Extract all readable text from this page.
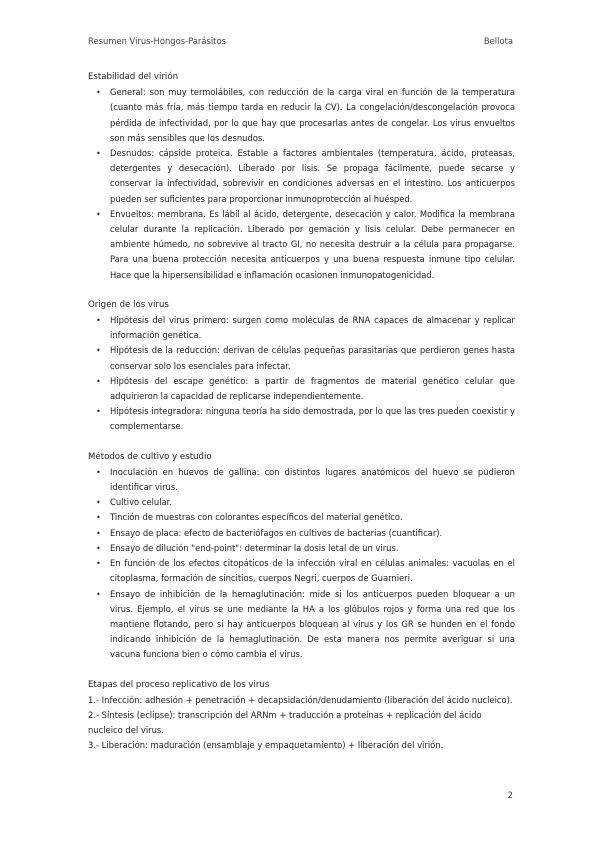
Resumen Virus-Hongos-Parásitos	Bellota
Estabilidad del virión
• General: son muy termolábiles, con reducción de la carga viral en función de la temperatura (cuanto más fría, más tiempo tarda en reducir la CV). La congelación/descongelación provoca pérdida de infectividad, por lo que hay que procesarlas antes de congelar. Los virus envueltos son más sensibles que los desnudos.
• Desnudos: cápside proteica. Estable a factores ambientales (temperatura, ácido, proteasas, detergentes y desecación). Liberado por lisis. Se propaga fácilmente, puede secarse y conservar la infectividad, sobrevivir en condiciones adversas en el intestino. Los anticuerpos pueden ser suficientes para proporcionar inmunoprotección al huésped.
• Envueltos: membrana. Es lábil al ácido, detergente, desecación y calor. Modifica la membrana celular durante la replicación. Liberado por gemación y lisis celular. Debe permanecer en ambiente húmedo, no sobrevive al tracto GI, no necesita destruir a la célula para propagarse. Para una buena protección necesita anticuerpos y una buena respuesta inmune tipo celular. Hace que la hipersensibilidad e inflamación ocasionen inmunopatogenicidad.
Origen de los virus
• Hipótesis del virus primero: surgen como moléculas de RNA capaces de almacenar y replicar información genética.
• Hipótesis de la reducción: derivan de células pequeñas parasitarias que perdieron genes hasta conservar solo los esenciales para infectar.
• Hipótesis del escape genético: a partir de fragmentos de material genético celular que adquirieron la capacidad de replicarse independientemente.
• Hipótesis integradora: ninguna teoría ha sido demostrada, por lo que las tres pueden coexistir y complementarse.
Métodos de cultivo y estudio
• Inoculación en huevos de gallina: con distintos lugares anatómicos del huevo se pudieron identificar virus.
• Cultivo celular.
• Tinción de muestras con colorantes específicos del material genético.
• Ensayo de placa: efecto de bacteriófagos en cultivos de bacterias (cuantificar).
• Ensayo de dilución "end-point": determinar la dosis letal de un virus.
• En función de los efectos citopáticos de la infección viral en células animales: vacuolas en el citoplasma, formación de sincitios, cuerpos Negri, cuerpos de Guarnieri.
• Ensayo de inhibición de la hemaglutinación: mide si los anticuerpos pueden bloquear a un virus. Ejemplo, el virus se une mediante la HA a los glóbulos rojos y forma una red que los mantiene flotando, pero si hay anticuerpos bloquean al virus y los GR se hunden en el fondo indicando inhibición de la hemaglutinación. De esta manera nos permite averiguar si una vacuna funciona bien o cómo cambia el virus.
Etapas del proceso replicativo de los virus

1.- Infección: adhesión + penetración + decapsidación/denudamiento (liberación del ácido nucleico).

2.- Síntesis (eclipse): transcripción del ARNm + traducción a proteínas + replicación del ácido nucleico del virus.

3.- Liberación: maduración (ensamblaje y empaquetamiento) + liberación del virión.

2
